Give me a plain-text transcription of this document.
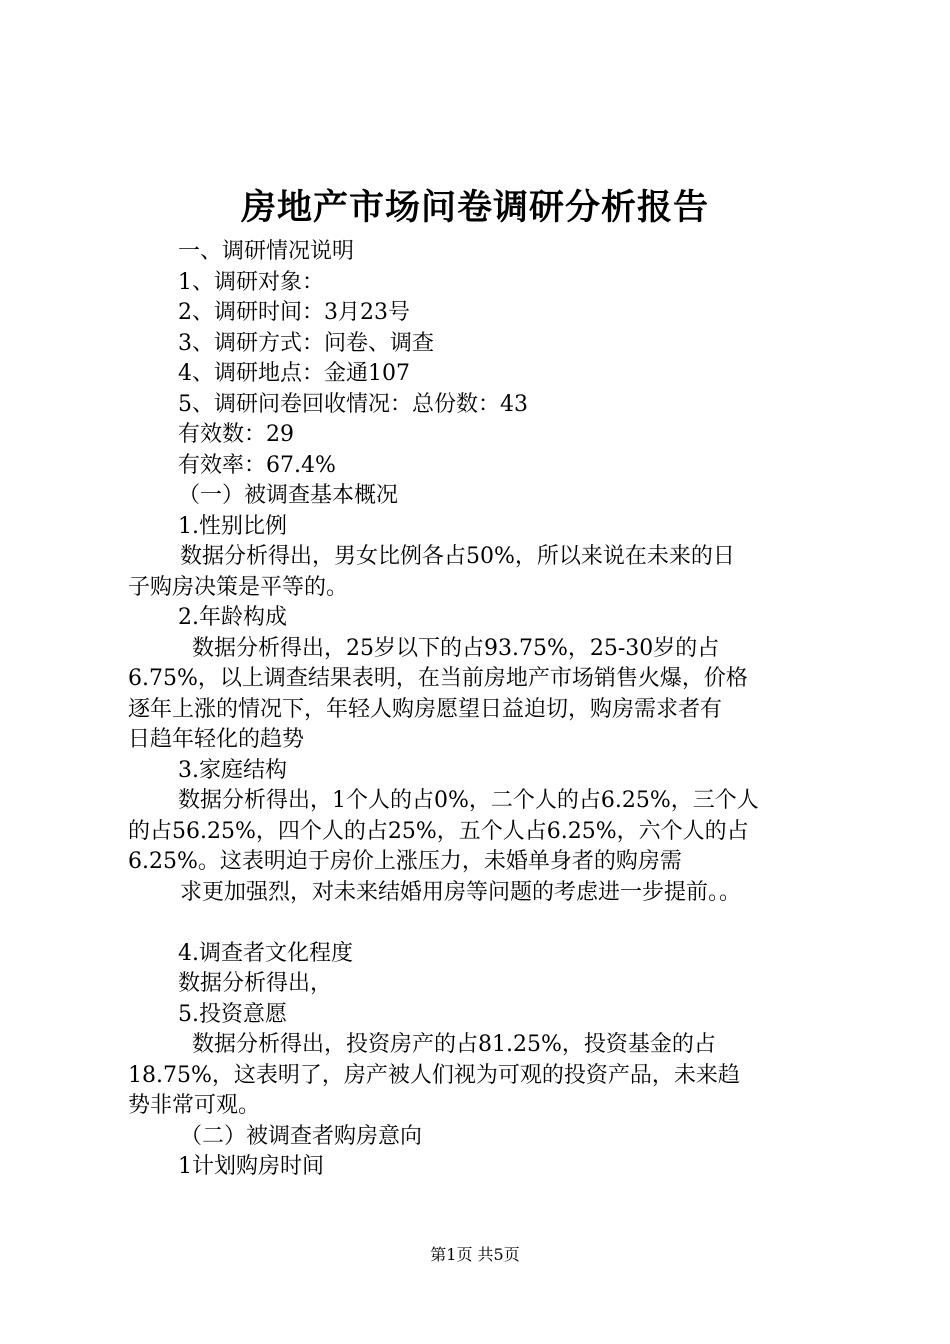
房地产市场问卷调研分析报告
一、调研情况说明
1、调研对象：
2、调研时间：3月23号
3、调研方式：问卷、调查
4、调研地点：金通107
5、调研问卷回收情况：总份数：43
有效数：29
有效率：67.4%
（一）被调查基本概况
1.性别比例
数据分析得出，男女比例各占50%，所以来说在未来的日
子购房决策是平等的。
2.年龄构成
数据分析得出，25岁以下的占93.75%，25-30岁的占
6.75%，以上调查结果表明，在当前房地产市场销售火爆，价格
逐年上涨的情况下，年轻人购房愿望日益迫切，购房需求者有
日趋年轻化的趋势
3.家庭结构
数据分析得出，1个人的占0%，二个人的占6.25%，三个人
的占56.25%，四个人的占25%，五个人占6.25%，六个人的占
6.25%。这表明迫于房价上涨压力，未婚单身者的购房需
求更加强烈，对未来结婚用房等问题的考虑进一步提前。。
4.调查者文化程度
数据分析得出，
5.投资意愿
数据分析得出，投资房产的占81.25%，投资基金的占
18.75%，这表明了，房产被人们视为可观的投资产品，未来趋
势非常可观。
（二）被调查者购房意向
1计划购房时间
第1页 共5页
